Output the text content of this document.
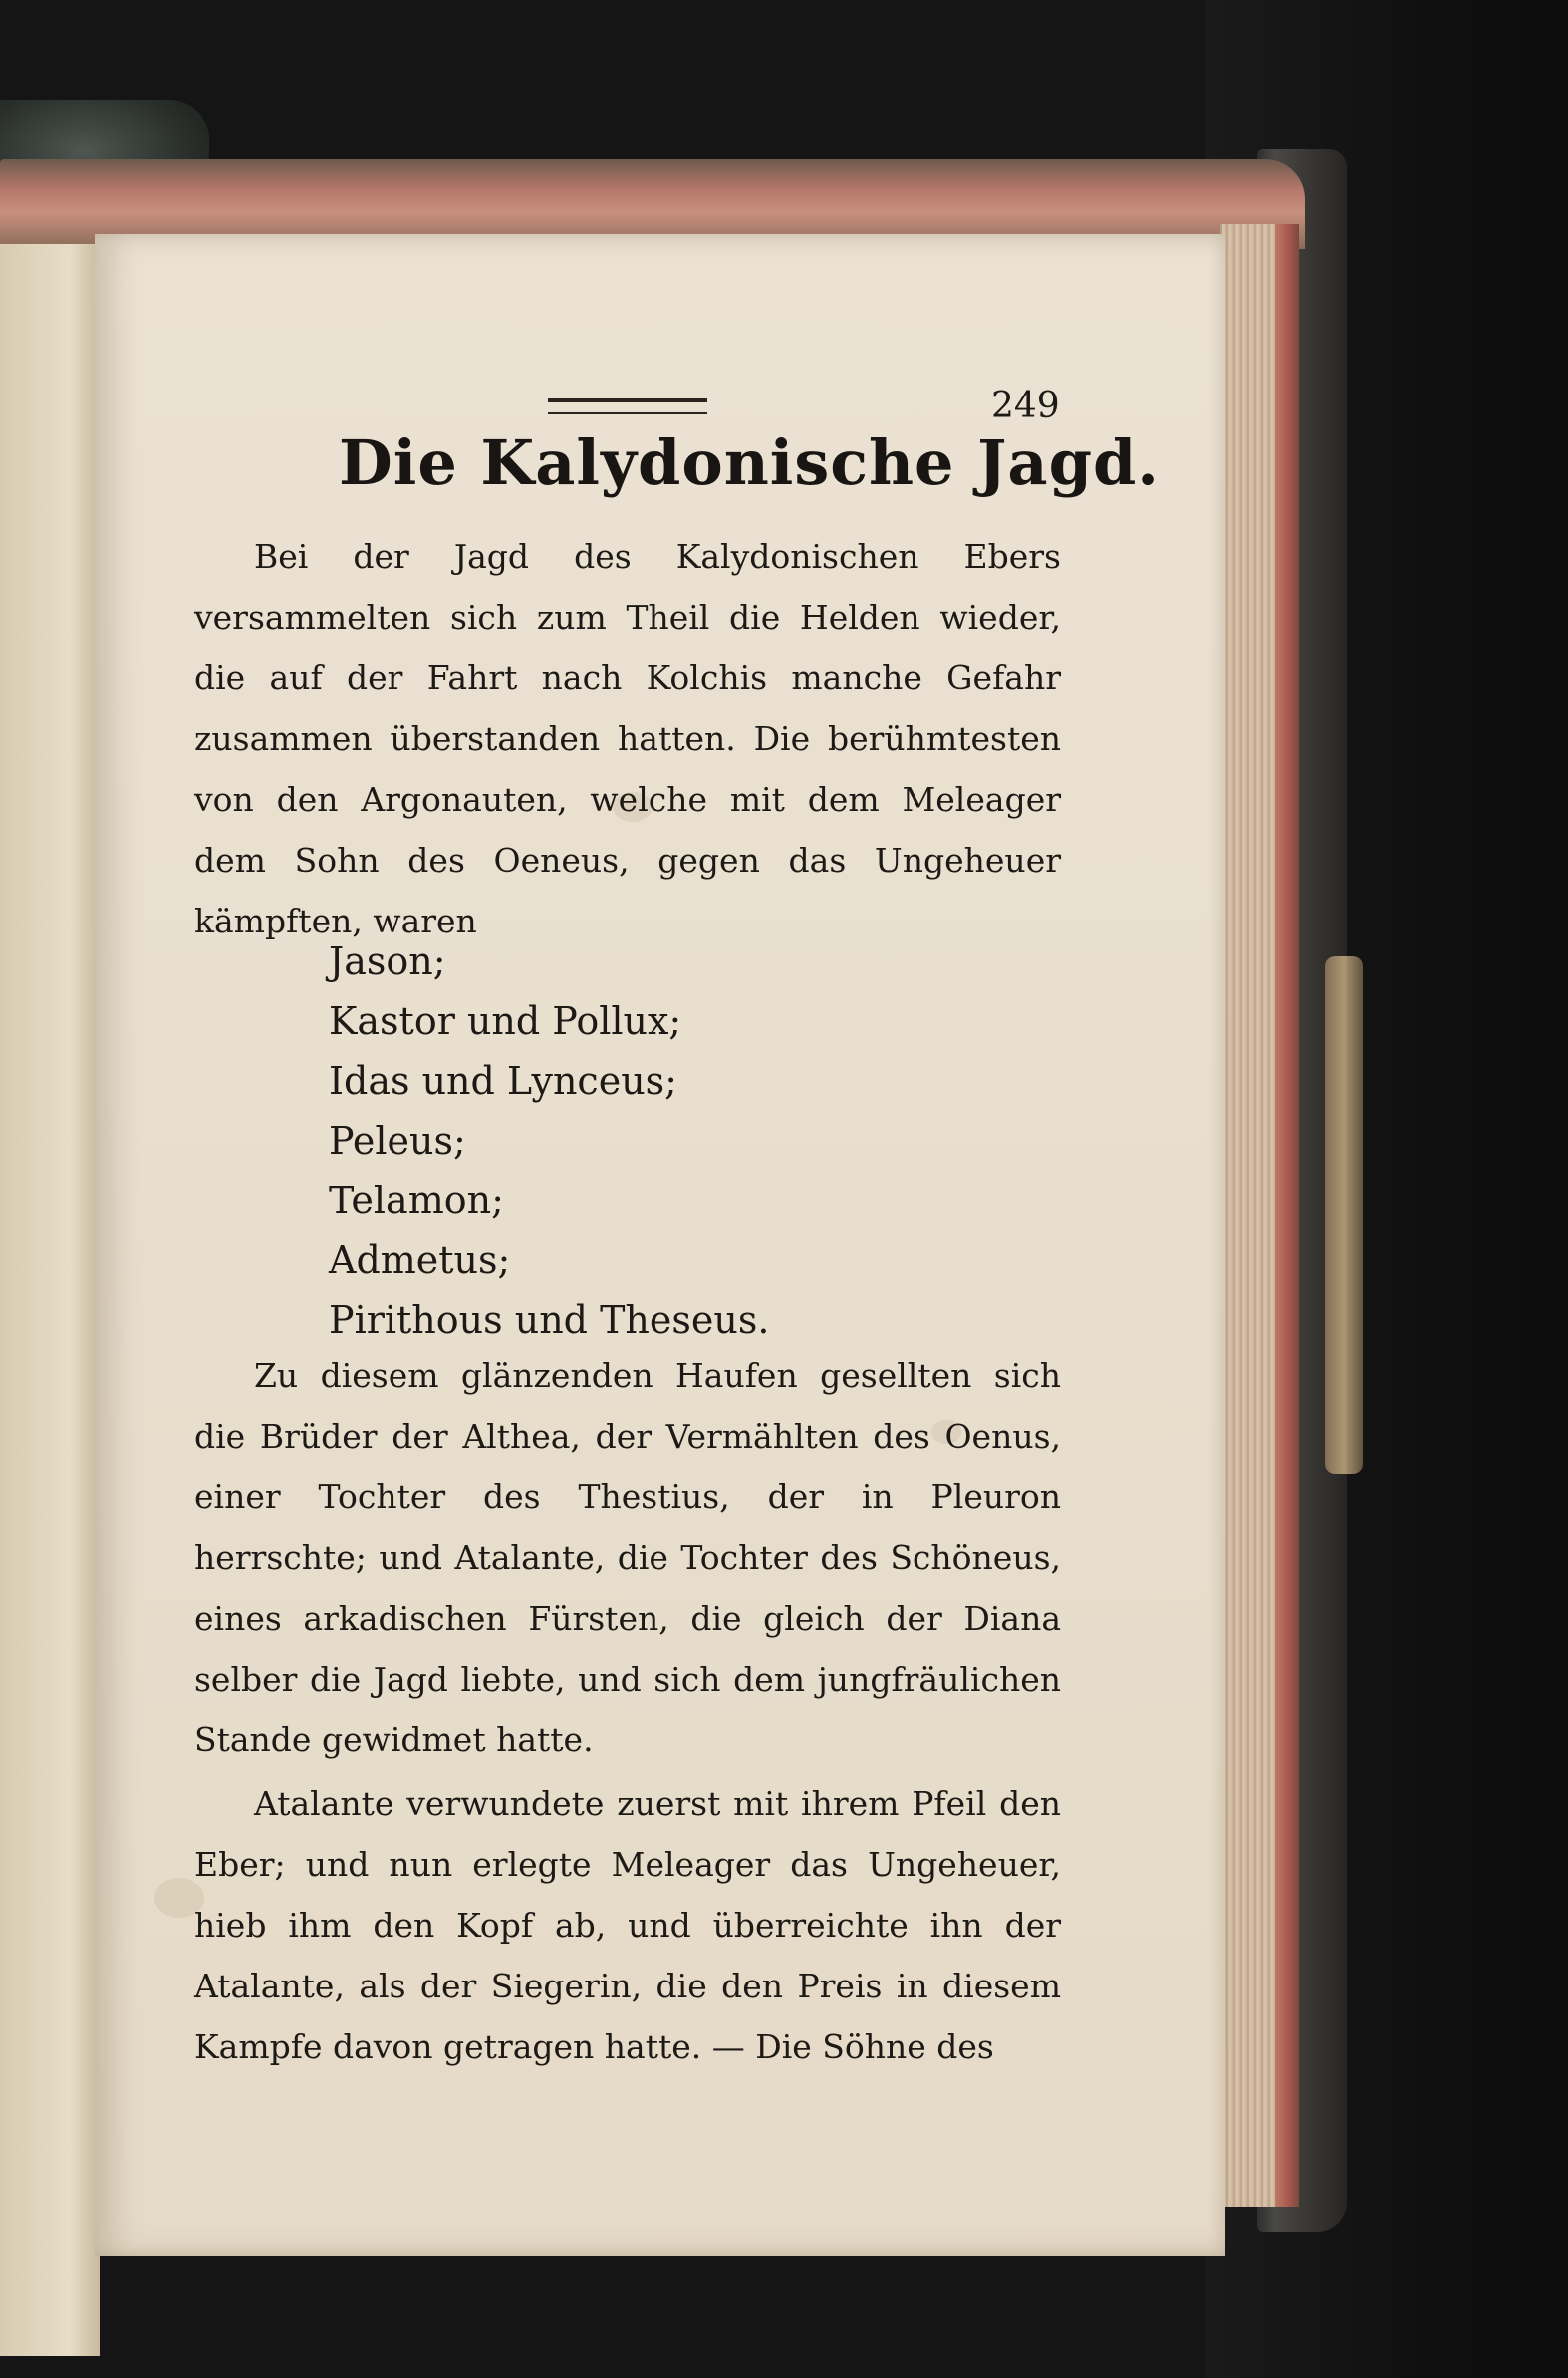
249
Die Kalydonische Jagd.

Bei der Jagd des Kalydonischen Ebers versammelten sich zum Theil die Helden wieder, die auf der Fahrt nach Kolchis manche Gefahr zusammen überstanden hatten. Die berühmtesten von den Argonauten, welche mit dem Meleager dem Sohn des Oeneus, gegen das Ungeheuer kämpften, waren

Jason;
Kastor und Pollux;
Idas und Lynceus;
Peleus;
Telamon;
Admetus;
Pirithous und Theseus.

Zu diesem glänzenden Haufen gesellten sich die Brüder der Althea, der Vermählten des Oenus, einer Tochter des Thestius, der in Pleuron herrschte; und Atalante, die Tochter des Schöneus, eines arkadischen Fürsten, die gleich der Diana selber die Jagd liebte, und sich dem jungfräulichen Stande gewidmet hatte.

Atalante verwundete zuerst mit ihrem Pfeil den Eber; und nun erlegte Meleager das Ungeheuer, hieb ihm den Kopf ab, und überreichte ihn der Atalante, als der Siegerin, die den Preis in diesem Kampfe davon getragen hatte. — Die Söhne des
